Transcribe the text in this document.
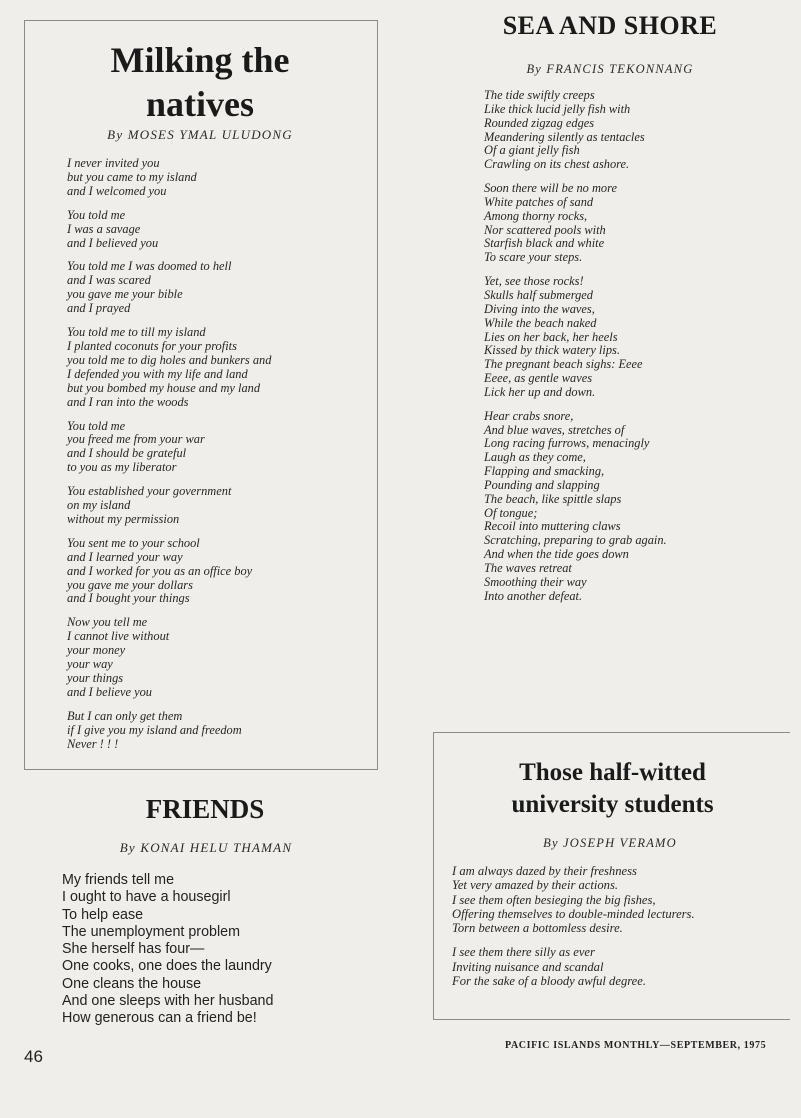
Milking the
natives
By MOSES YMAL ULUDONG
I never invited you
but you came to my island
and I welcomed you
You told me
I was a savage
and I believed you
You told me I was doomed to hell
and I was scared
you gave me your bible
and I prayed
You told me to till my island
I planted coconuts for your profits
you told me to dig holes and bunkers and
I defended you with my life and land
but you bombed my house and my land
and I ran into the woods
You told me
you freed me from your war
and I should be grateful
to you as my liberator
You established your government
on my island
without my permission
You sent me to your school
and I learned your way
and I worked for you as an office boy
you gave me your dollars
and I bought your things
Now you tell me
I cannot live without
your money
your way
your things
and I believe you
But I can only get them
if I give you my island and freedom
Never ! ! !
SEA AND SHORE
By FRANCIS TEKONNANG
The tide swiftly creeps
Like thick lucid jelly fish with
Rounded zigzag edges
Meandering silently as tentacles
Of a giant jelly fish
Crawling on its chest ashore.
Soon there will be no more
White patches of sand
Among thorny rocks,
Nor scattered pools with
Starfish black and white
To scare your steps.
Yet, see those rocks!
Skulls half submerged
Diving into the waves,
While the beach naked
Lies on her back, her heels
Kissed by thick watery lips.
The pregnant beach sighs: Eeee
Eeee, as gentle waves
Lick her up and down.
Hear crabs snore,
And blue waves, stretches of
Long racing furrows, menacingly
Laugh as they come,
Flapping and smacking,
Pounding and slapping
The beach, like spittle slaps
Of tongue;
Recoil into muttering claws
Scratching, preparing to grab again.
And when the tide goes down
The waves retreat
Smoothing their way
Into another defeat.
FRIENDS
By KONAI HELU THAMAN
My friends tell me
I ought to have a housegirl
To help ease
The unemployment problem
She herself has four—
One cooks, one does the laundry
One cleans the house
And one sleeps with her husband
How generous can a friend be!
Those half-witted
university students
By JOSEPH VERAMO
I am always dazed by their freshness
Yet very amazed by their actions.
I see them often besieging the big fishes,
Offering themselves to double-minded lecturers.
Torn between a bottomless desire.
I see them there silly as ever
Inviting nuisance and scandal
For the sake of a bloody awful degree.
46
PACIFIC ISLANDS MONTHLY—SEPTEMBER, 1975
